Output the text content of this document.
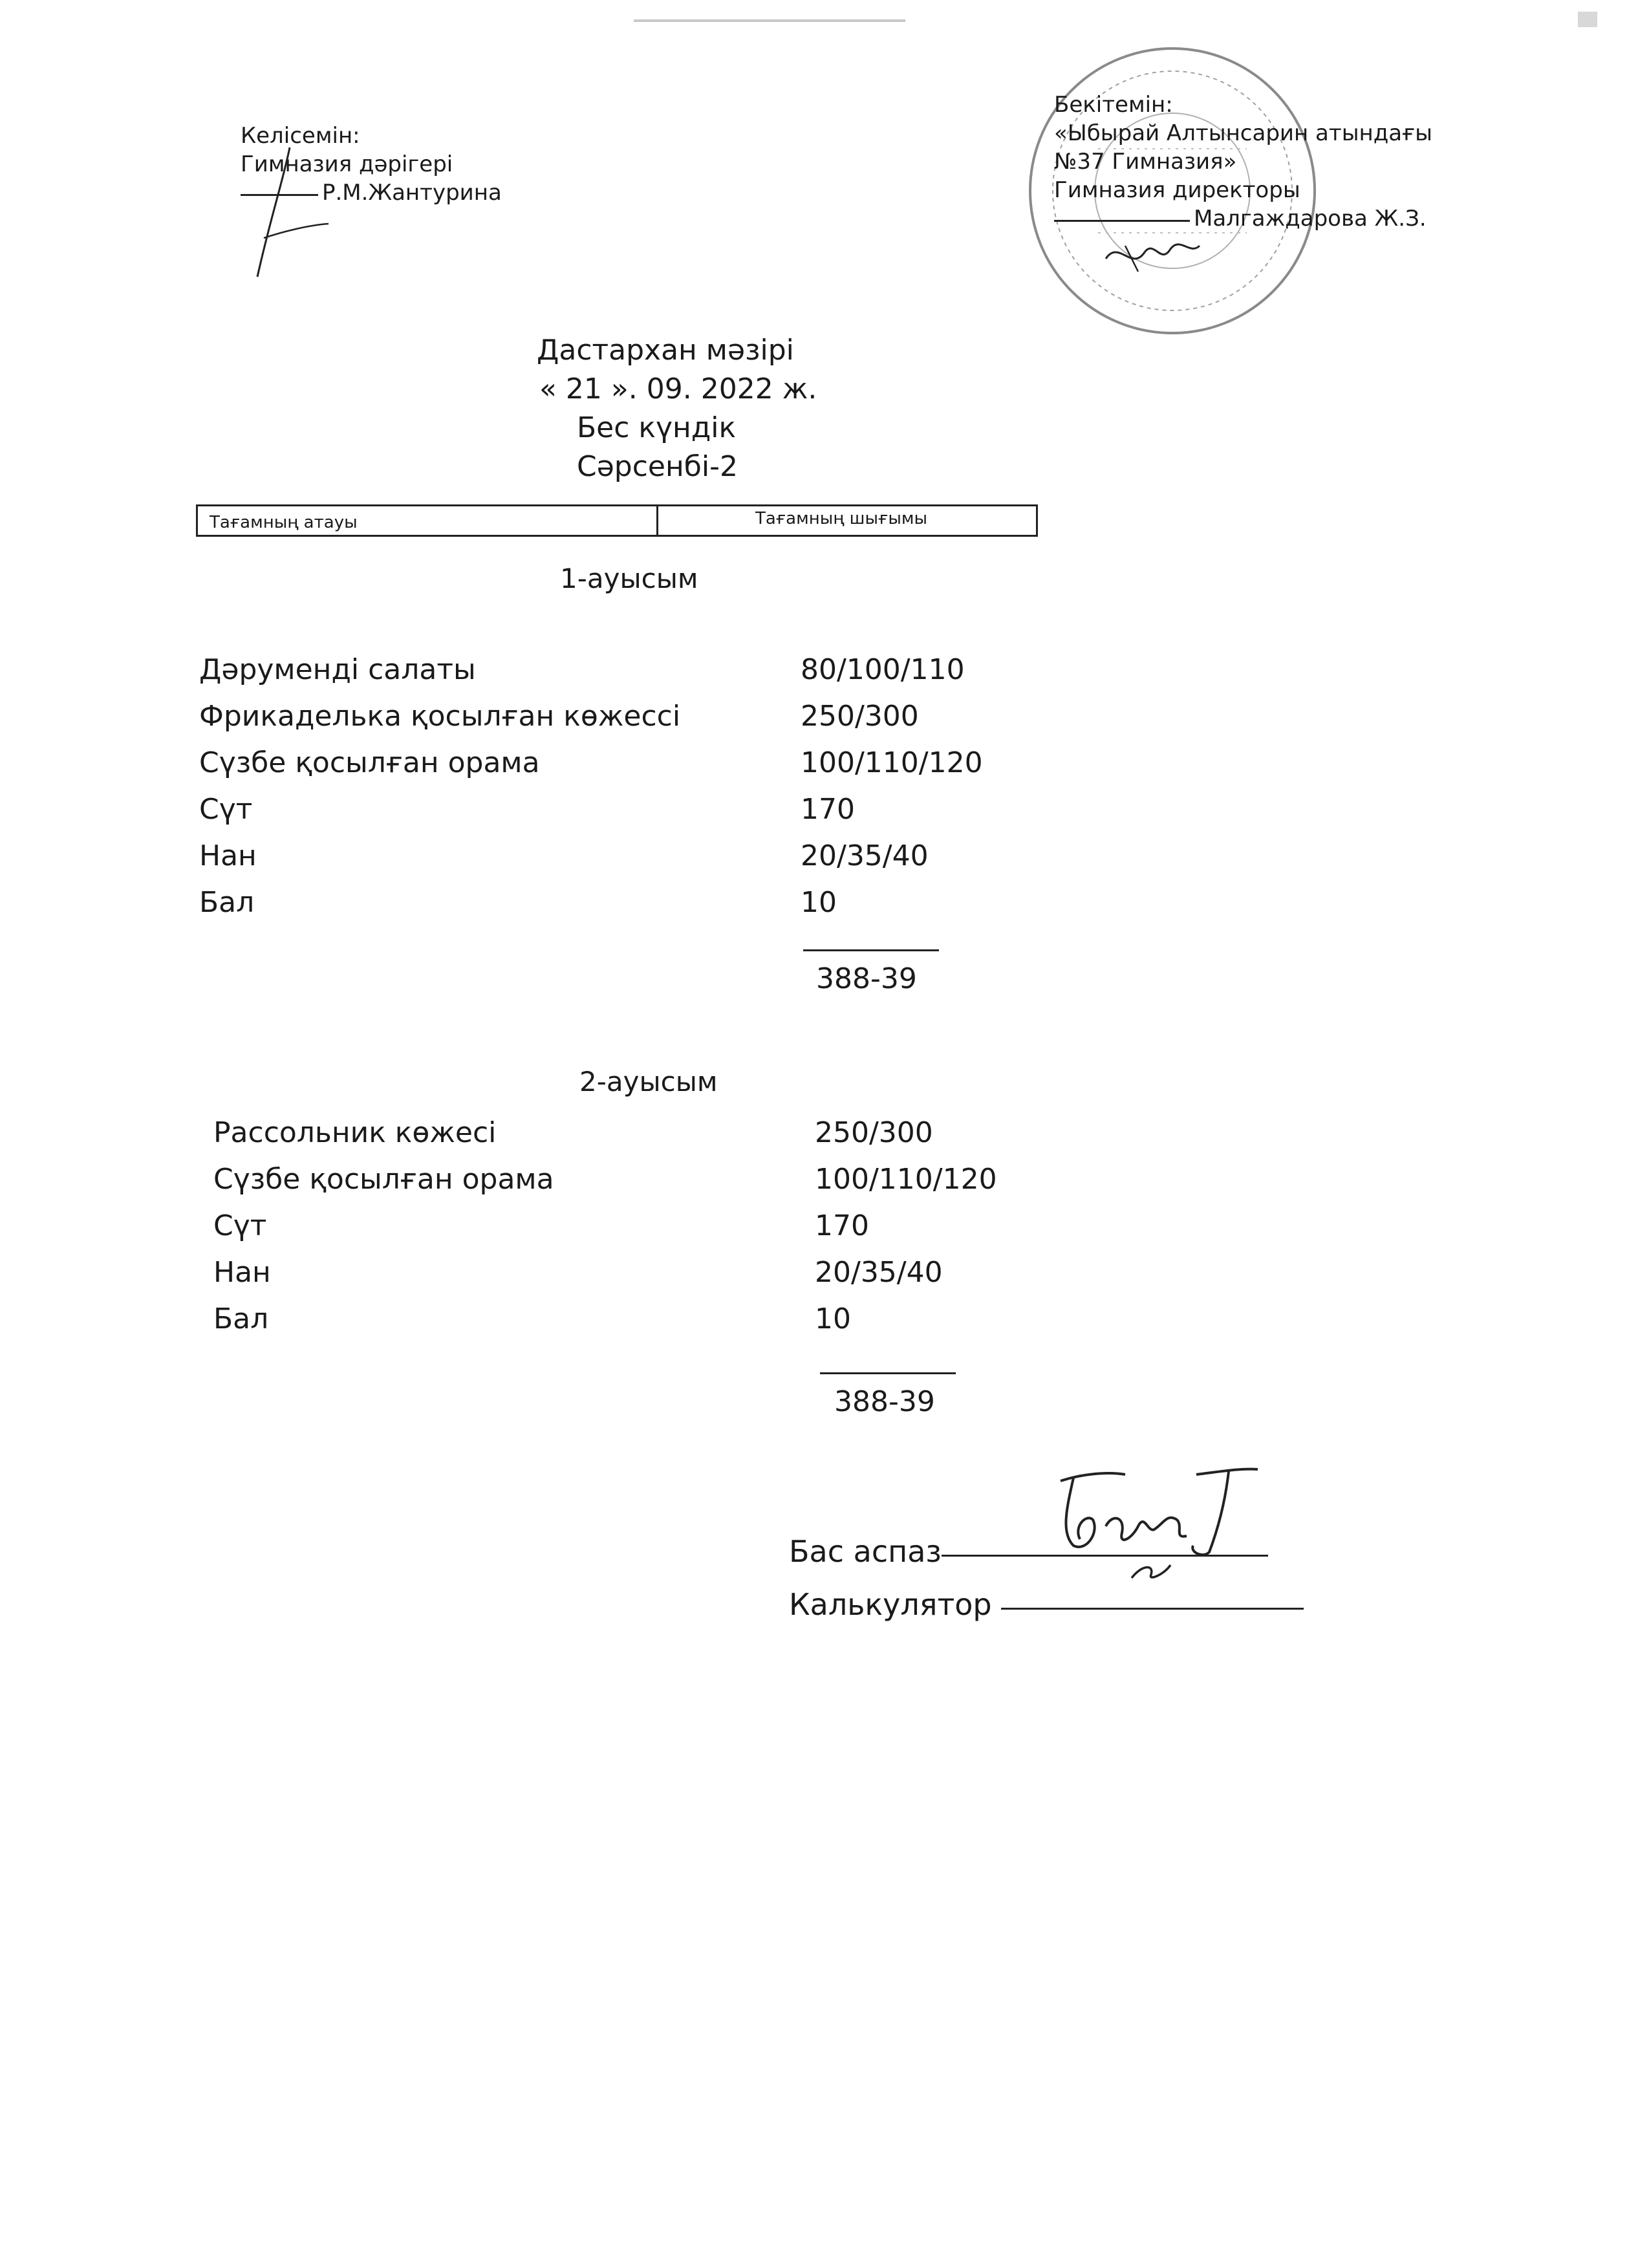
Келісемін:
Гимназия дәрігері
Р.М.Жантурина
Бекітемін:
«Ыбырай Алтынсарин атындағы
№37 Гимназия»
Гимназия директоры
Малгаждарова Ж.З.
Дастархан мәзірі
« 21 ». 09. 2022 ж.
Бес күндік
Сәрсенбі-2
Тағамның атауы	Тағамның шығымы
1-ауысым
Дәруменді салаты	80/100/110
Фрикаделька қосылған көжессі	250/300
Сүзбе қосылған орама	100/110/120
Сүт	170
Нан	20/35/40
Бал	10
388-39
2-ауысым
Рассольник көжесі	250/300
Сүзбе қосылған орама	100/110/120
Сүт	170
Нан	20/35/40
Бал	10
388-39
Бас аспаз
Калькулятор
